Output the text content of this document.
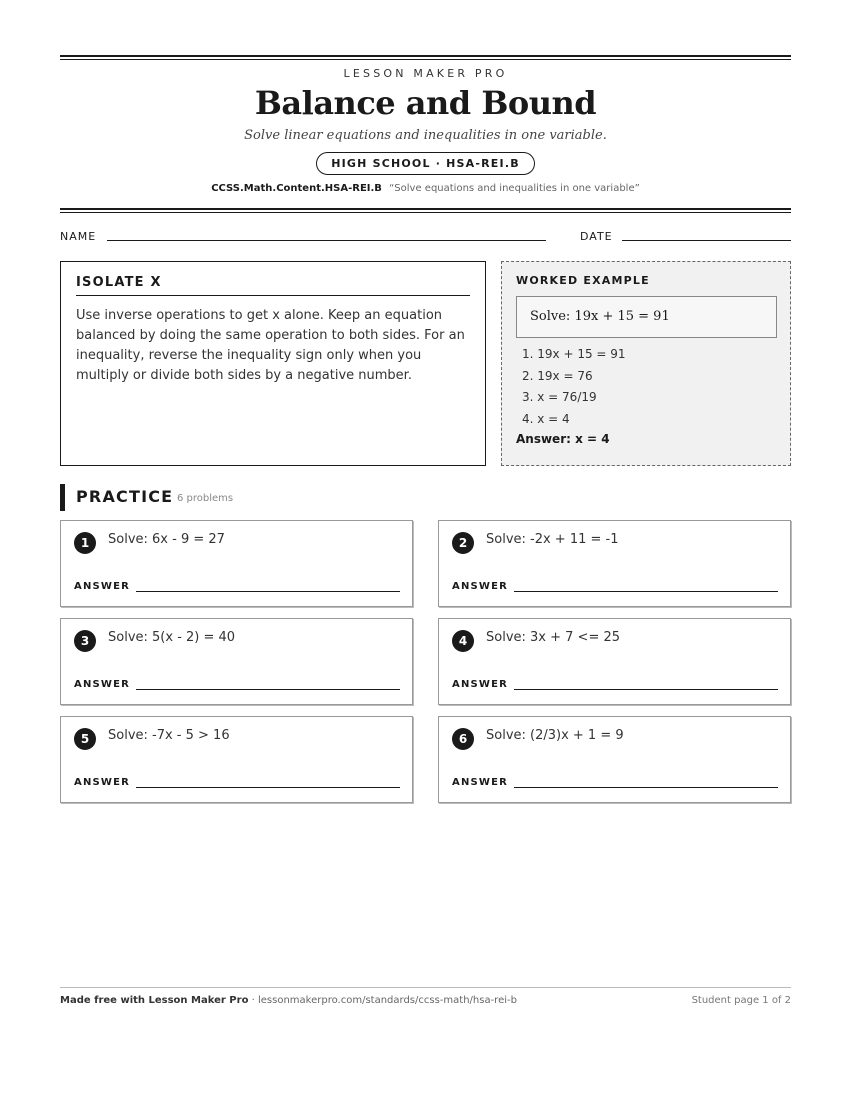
LESSON MAKER PRO
Balance and Bound
Solve linear equations and inequalities in one variable.
HIGH SCHOOL · HSA-REI.B
CCSS.Math.Content.HSA-REI.B “Solve equations and inequalities in one variable”
NAME	DATE
ISOLATE X
Use inverse operations to get x alone. Keep an equation balanced by doing the same operation to both sides. For an inequality, reverse the inequality sign only when you multiply or divide both sides by a negative number.
WORKED EXAMPLE
Solve: 19x + 15 = 91
1. 19x + 15 = 91
2. 19x = 76
3. x = 76/19
4. x = 4
Answer: x = 4
PRACTICE 6 problems
1	Solve: 6x - 9 = 27
ANSWER
2	Solve: -2x + 11 = -1
ANSWER
3	Solve: 5(x - 2) = 40
ANSWER
4	Solve: 3x + 7 <= 25
ANSWER
5	Solve: -7x - 5 > 16
ANSWER
6	Solve: (2/3)x + 1 = 9
ANSWER
Made free with Lesson Maker Pro · lessonmakerpro.com/standards/ccss-math/hsa-rei-b	Student page 1 of 2
